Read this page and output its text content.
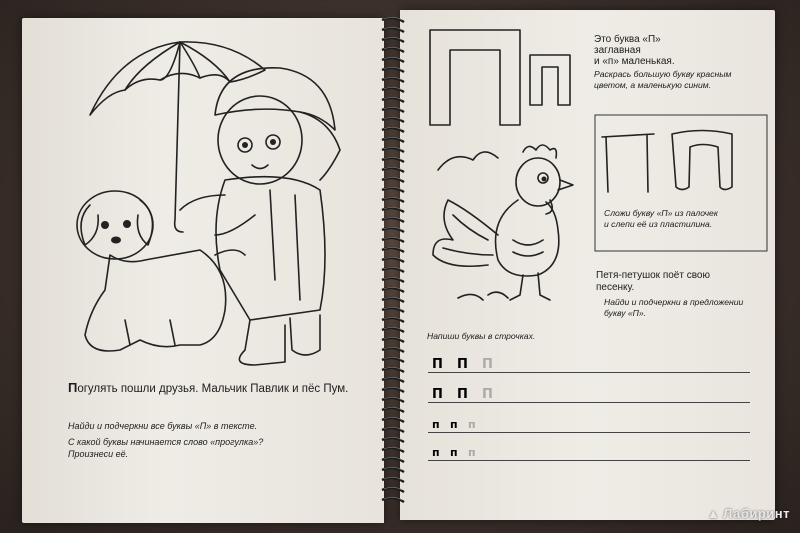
Погулять пошли друзья. Мальчик Павлик и пёс Пум.
Найди и подчеркни все буквы «П» в тексте.
С какой буквы начинается слово «прогулка»? Произнеси её.
Это буква «П»
заглавная
и «п» маленькая.
Раскрась большую букву красным цветом, а маленькую синим.
Сложи букву «П» из палочек и слепи её из пластилина.
Петя-петушок поёт свою песенку.
Найди и подчеркни в предложении букву «П».
Напиши буквы в строчках.
П П П
П П П
п п п
п п п
▲ Лабиринт
